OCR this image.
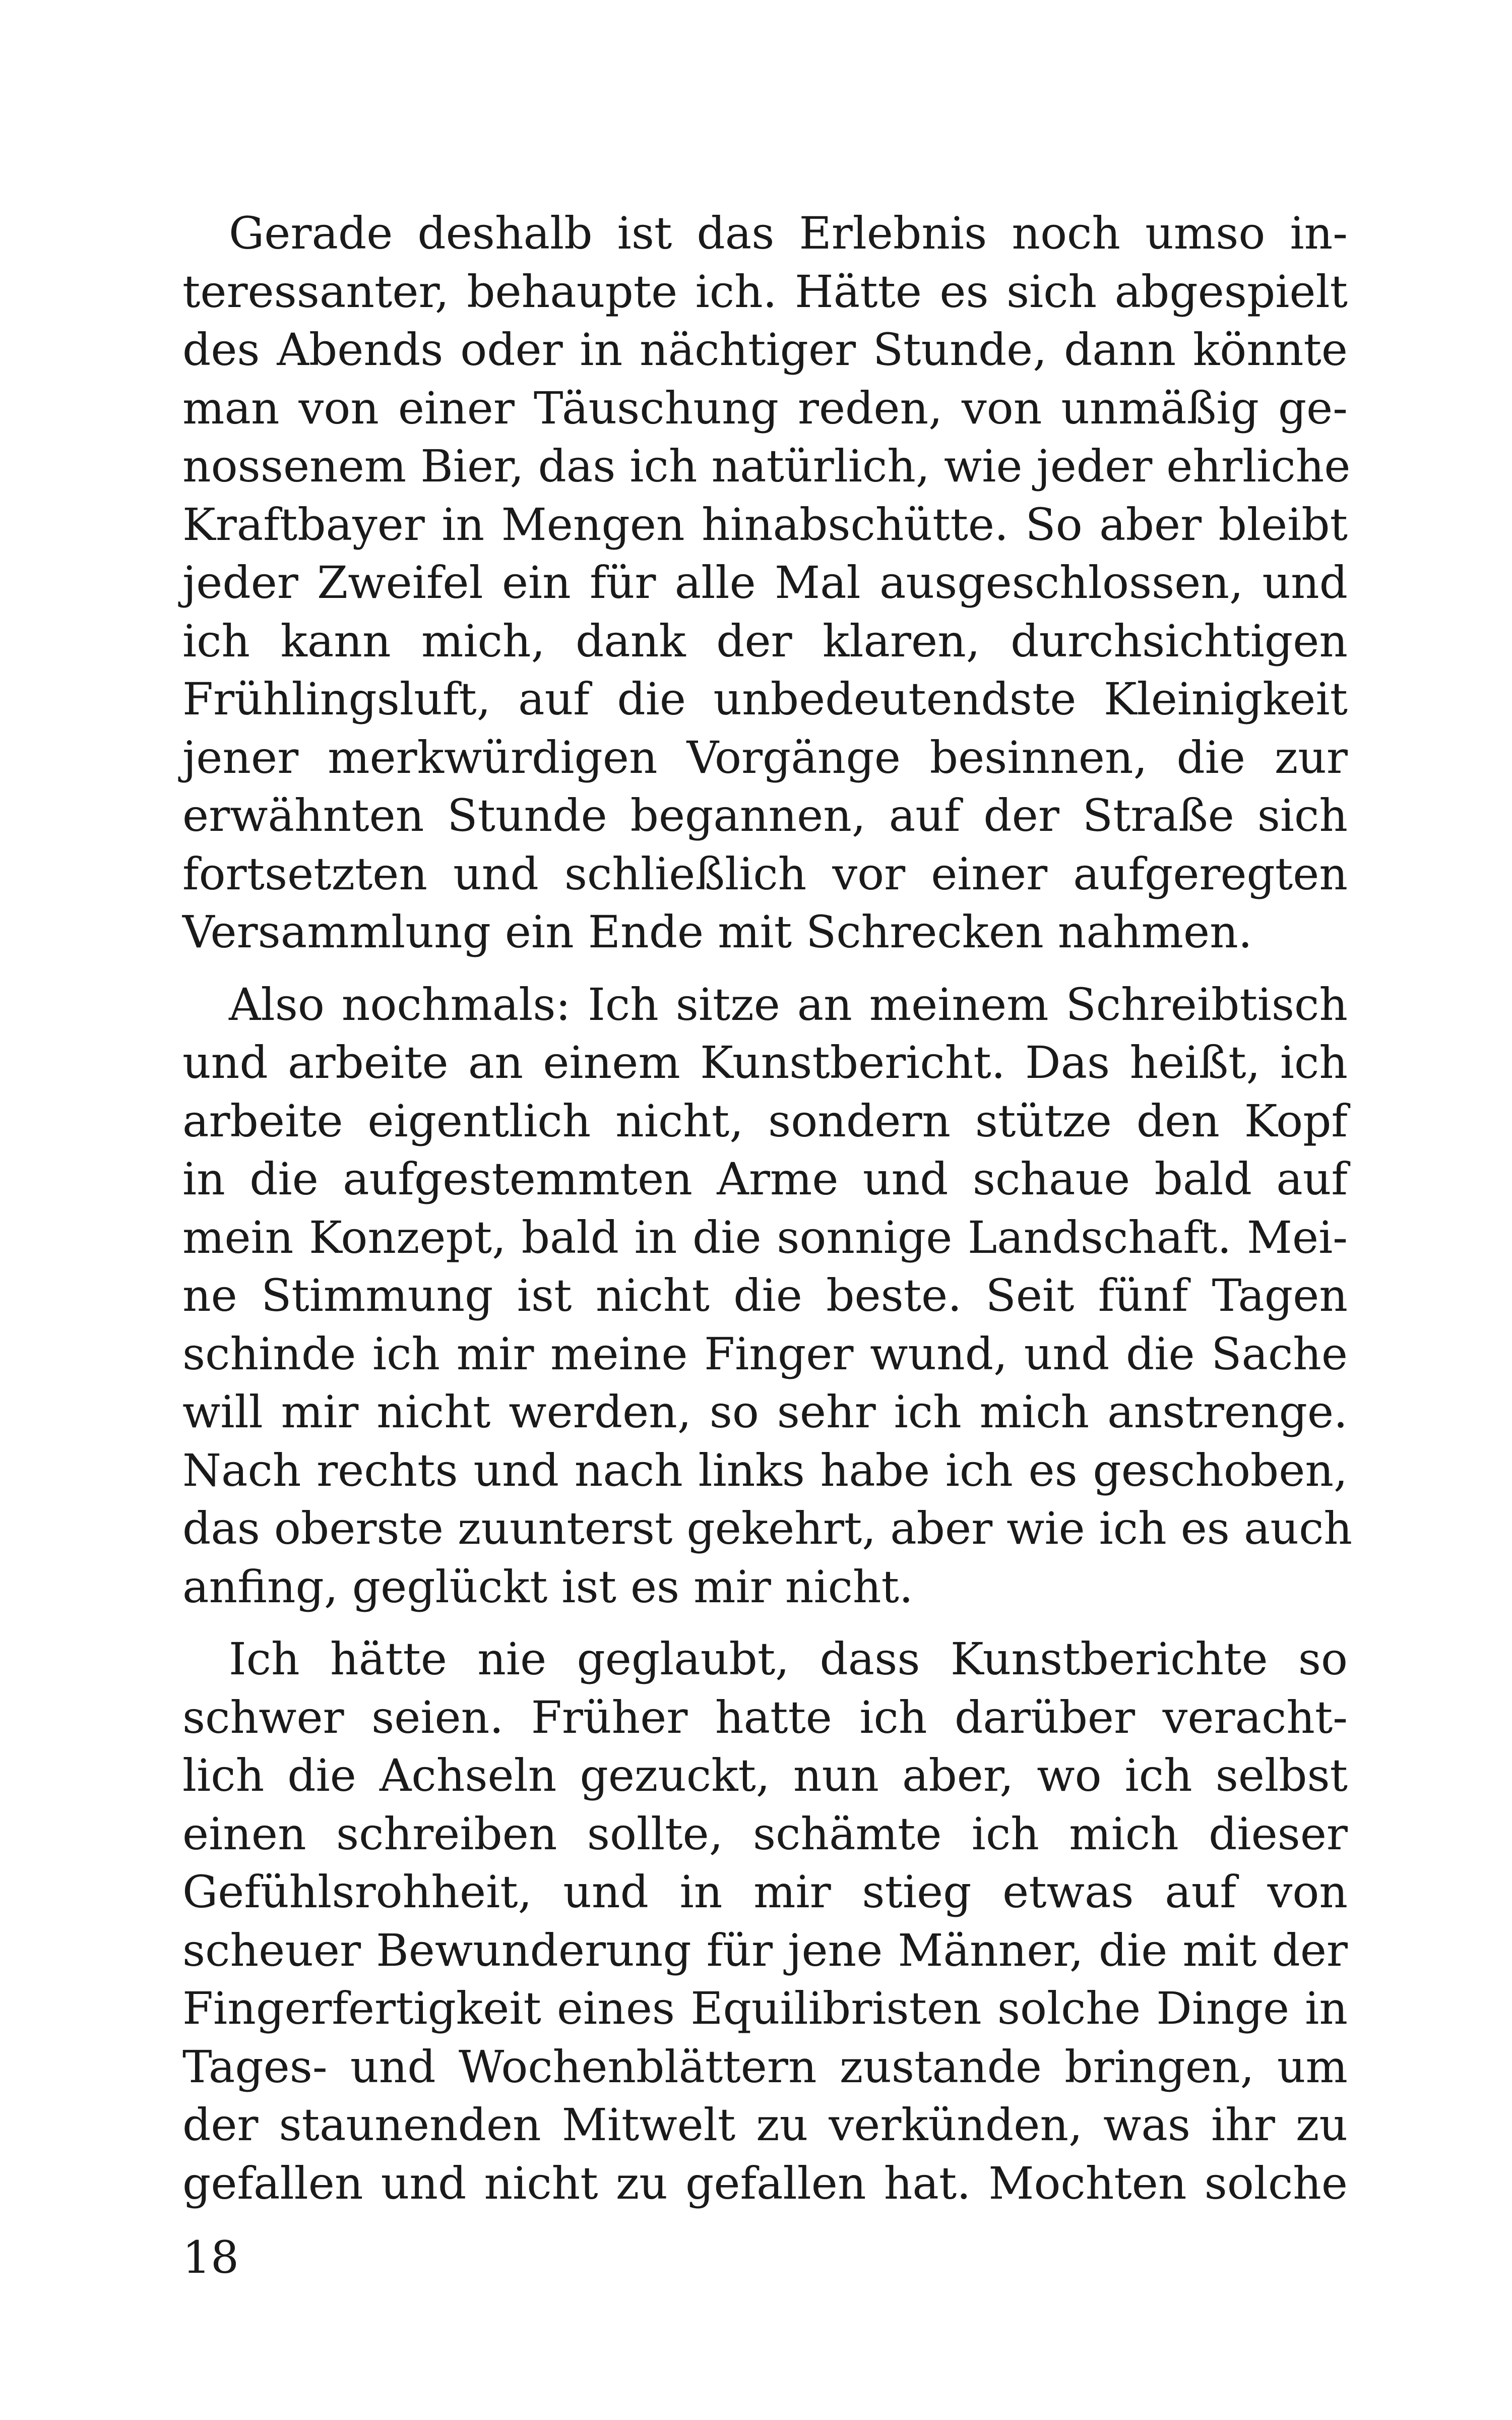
Gerade deshalb ist das Erlebnis noch umso in-
teressanter, behaupte ich. Hätte es sich abgespielt
des Abends oder in nächtiger Stunde, dann könnte
man von einer Täuschung reden, von unmäßig ge-
nossenem Bier, das ich natürlich, wie jeder ehrliche
Kraftbayer in Mengen hinabschütte. So aber bleibt
jeder Zweifel ein für alle Mal ausgeschlossen, und
ich kann mich, dank der klaren, durchsichtigen
Frühlingsluft, auf die unbedeutendste Kleinigkeit
jener merkwürdigen Vorgänge besinnen, die zur
erwähnten Stunde begannen, auf der Straße sich
fortsetzten und schließlich vor einer aufgeregten
Versammlung ein Ende mit Schrecken nahmen.
Also nochmals: Ich sitze an meinem Schreibtisch
und arbeite an einem Kunstbericht. Das heißt, ich
arbeite eigentlich nicht, sondern stütze den Kopf
in die aufgestemmten Arme und schaue bald auf
mein Konzept, bald in die sonnige Landschaft. Mei-
ne Stimmung ist nicht die beste. Seit fünf Tagen
schinde ich mir meine Finger wund, und die Sache
will mir nicht werden, so sehr ich mich anstrenge.
Nach rechts und nach links habe ich es geschoben,
das oberste zuunterst gekehrt, aber wie ich es auch
anfing, geglückt ist es mir nicht.
Ich hätte nie geglaubt, dass Kunstberichte so
schwer seien. Früher hatte ich darüber veracht-
lich die Achseln gezuckt, nun aber, wo ich selbst
einen schreiben sollte, schämte ich mich dieser
Gefühlsrohheit, und in mir stieg etwas auf von
scheuer Bewunderung für jene Männer, die mit der
Fingerfertigkeit eines Equilibristen solche Dinge in
Tages- und Wochenblättern zustande bringen, um
der staunenden Mitwelt zu verkünden, was ihr zu
gefallen und nicht zu gefallen hat. Mochten solche
18
